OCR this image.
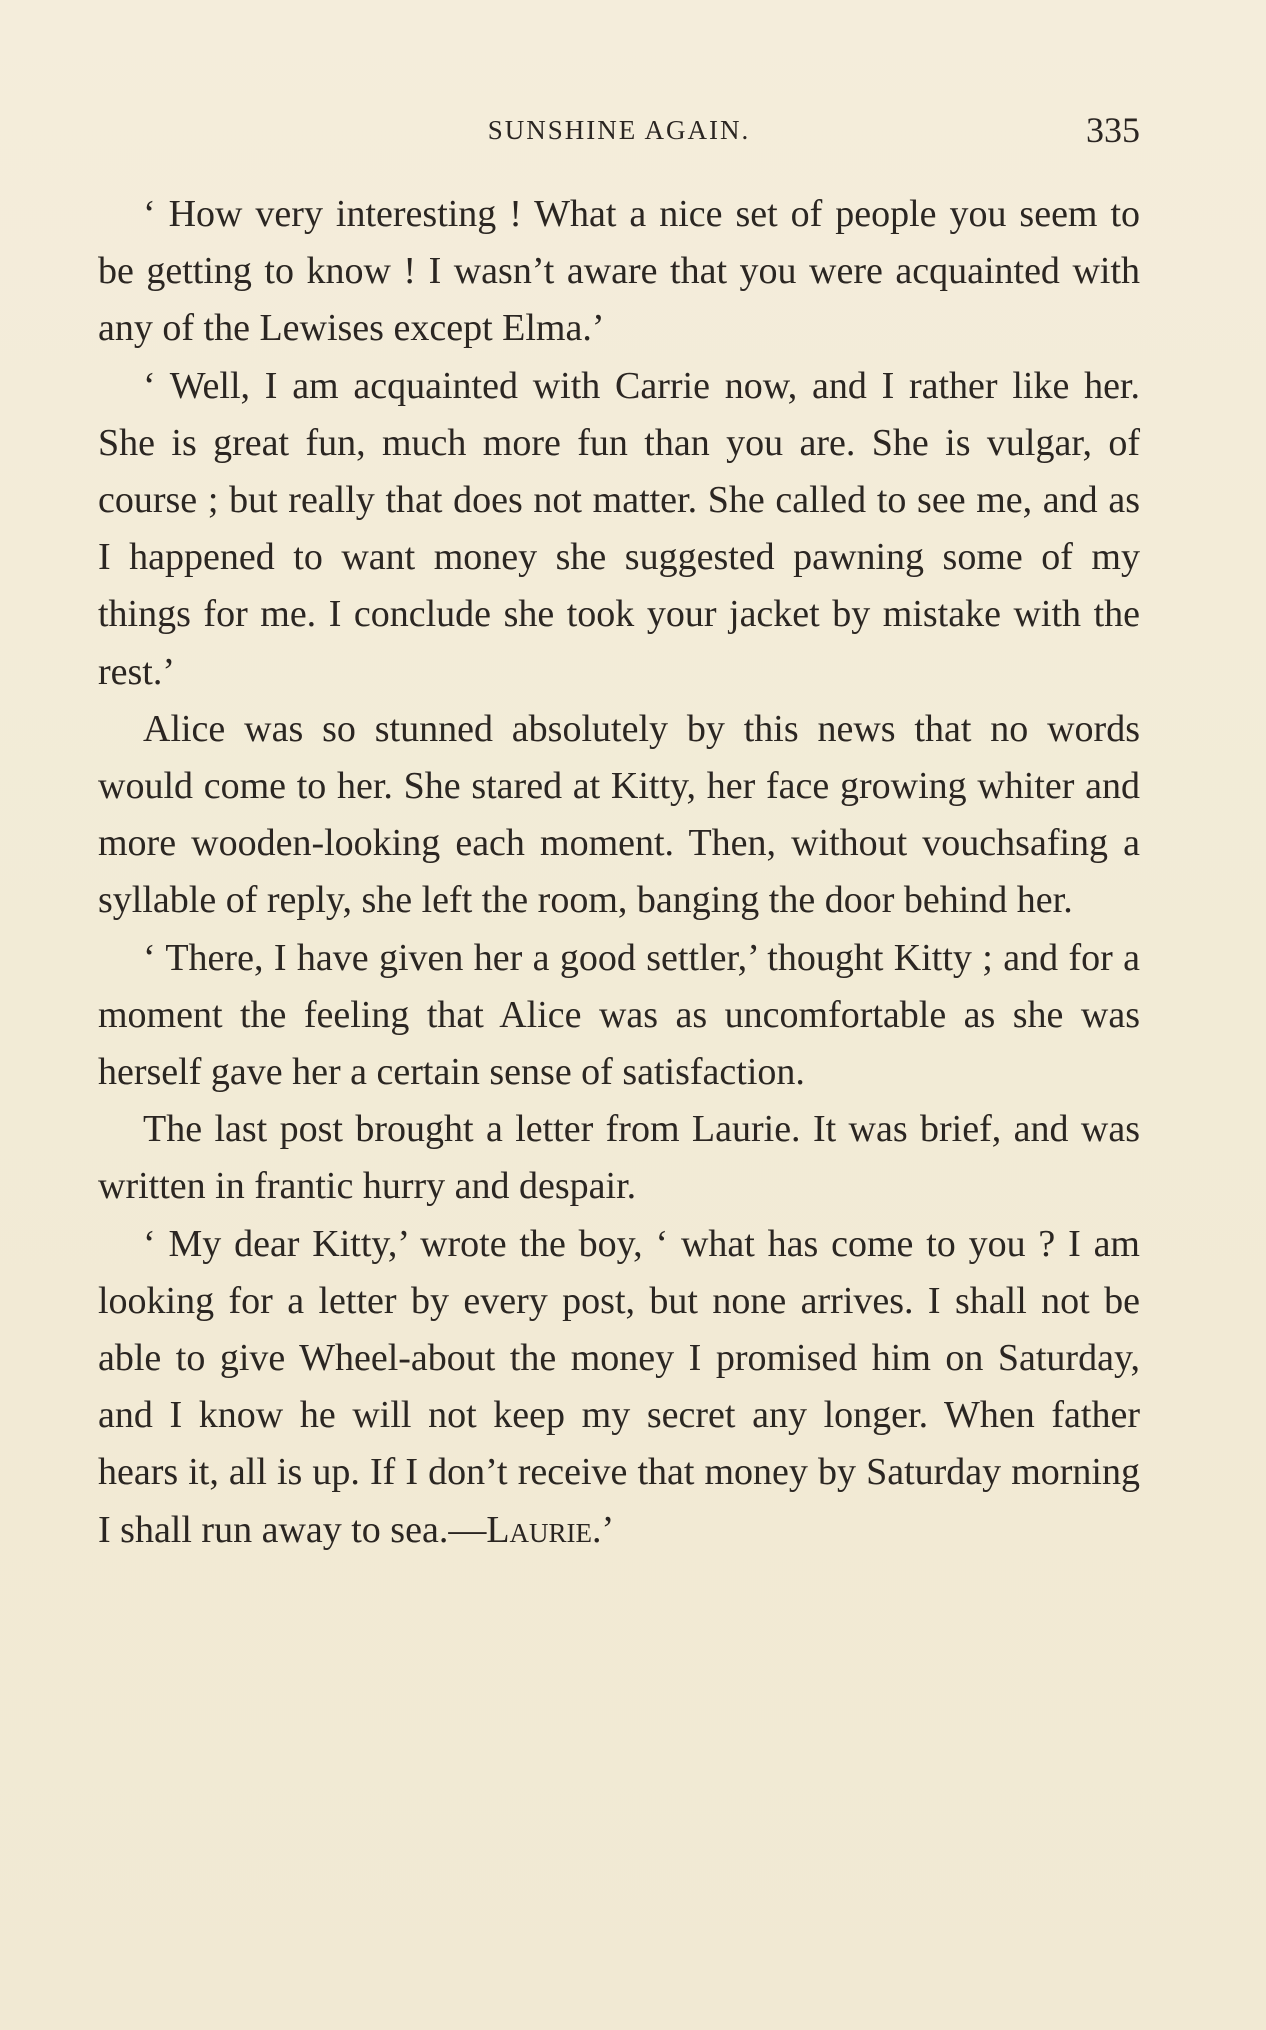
SUNSHINE AGAIN.	335

‘ How very interesting ! What a nice set of people you seem to be getting to know ! I wasn’t aware that you were acquainted with any of the Lewises except Elma.’

‘ Well, I am acquainted with Carrie now, and I rather like her. She is great fun, much more fun than you are. She is vulgar, of course ; but really that does not matter. She called to see me, and as I happened to want money she suggested pawning some of my things for me. I conclude she took your jacket by mistake with the rest.’

Alice was so stunned absolutely by this news that no words would come to her. She stared at Kitty, her face growing whiter and more wooden-looking each moment. Then, without vouchsafing a syllable of reply, she left the room, banging the door behind her.

‘ There, I have given her a good settler,’ thought Kitty ; and for a moment the feeling that Alice was as uncomfortable as she was herself gave her a certain sense of satisfaction.

The last post brought a letter from Laurie. It was brief, and was written in frantic hurry and despair.

‘ My dear Kitty,’ wrote the boy, ‘ what has come to you ? I am looking for a letter by every post, but none arrives. I shall not be able to give Wheel-about the money I promised him on Saturday, and I know he will not keep my secret any longer. When father hears it, all is up. If I don’t receive that money by Saturday morning I shall run away to sea.—Laurie.’
